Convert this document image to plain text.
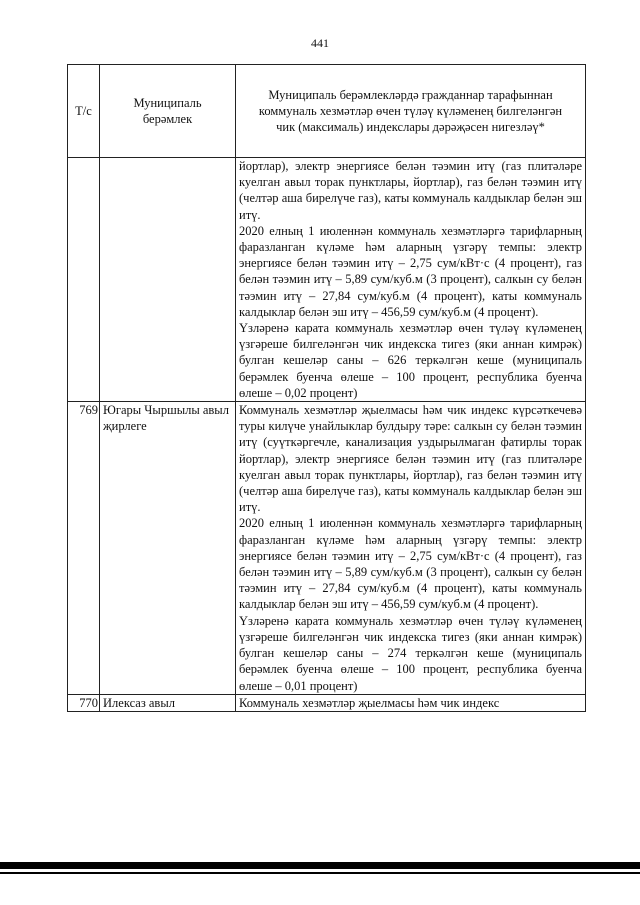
441
Т/с	Муниципаль берәмлек	Муниципаль берәмлекләрдә гражданнар тарафыннан коммуналь хезмәтләр өчен түләү күләменең билгеләнгән чик (максималь) индекслары дәрәҗәсен нигезләү*

		йортлар), электр энергиясе белән тәэмин итү (газ плитәләре куелган авыл торак пунктлары, йортлар), газ белән тәэмин итү (челтәр аша бирелүче газ), каты коммуналь калдыклар белән эш итү.

2020 елның 1 июленнән коммуналь хезмәтләргә тарифларның фаразланган күләме һәм аларның үзгәрү темпы: электр энергиясе белән тәэмин итү – 2,75 сум/кВт·с (4 процент), газ белән тәэмин итү – 5,89 сум/куб.м (3 процент), салкын су белән тәэмин итү – 27,84 сум/куб.м (4 процент), каты коммуналь калдыклар белән эш итү – 456,59 сум/куб.м (4 процент).

Үзләренә карата коммуналь хезмәтләр өчен түләү күләменең үзгәреше билгеләнгән чик индекска тигез (яки аннан кимрәк) булган кешеләр саны – 626 теркәлгән кеше (муниципаль берәмлек буенча өлеше – 100 процент, республика буенча өлеше – 0,02 процент)

769	Югары Чыршылы авыл җирлеге	Коммуналь хезмәтләр җыелмасы һәм чик индекс күрсәткечевә туры килүче унайлыклар булдыру тәре: салкын су белән тәэмин итү (суүткәргечле, канализация уздырылмаган фатирлы торак йортлар), электр энергиясе белән тәэмин итү (газ плитәләре куелган авыл торак пунктлары, йортлар), газ белән тәэмин итү (челтәр аша бирелүче газ), каты коммуналь калдыклар белән эш итү.

2020 елның 1 июленнән коммуналь хезмәтләргә тарифларның фаразланган күләме һәм аларның үзгәрү темпы: электр энергиясе белән тәэмин итү – 2,75 сум/кВт·с (4 процент), газ белән тәэмин итү – 5,89 сум/куб.м (3 процент), салкын су белән тәэмин итү – 27,84 сум/куб.м (4 процент), каты коммуналь калдыклар белән эш итү – 456,59 сум/куб.м (4 процент).

Үзләренә карата коммуналь хезмәтләр өчен түләү күләменең үзгәреше билгеләнгән чик индекска тигез (яки аннан кимрәк) булган кешеләр саны – 274 теркәлгән кеше (муниципаль берәмлек буенча өлеше – 100 процент, республика буенча өлеше – 0,01 процент)

770	Илексаз авыл	Коммуналь хезмәтләр җыелмасы һәм чик индекс
